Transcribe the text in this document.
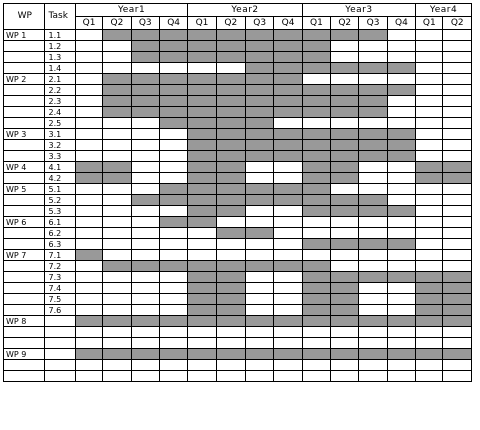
WP	Task	Year1				Year2				Year3				Year4	
		Q1	Q2	Q3	Q4	Q1	Q2	Q3	Q4	Q1	Q2	Q3	Q4	Q1	Q2
WP 1	1.1														
	1.2														
	1.3														
	1.4														
WP 2	2.1														
	2.2														
	2.3														
	2.4														
	2.5														
WP 3	3.1														
	3.2														
	3.3														
WP 4	4.1														
	4.2														
WP 5	5.1														
	5.2														
	5.3														
WP 6	6.1														
	6.2														
	6.3														
WP 7	7.1														
	7.2														
	7.3														
	7.4														
	7.5														
	7.6														
WP 8															

WP 9															
